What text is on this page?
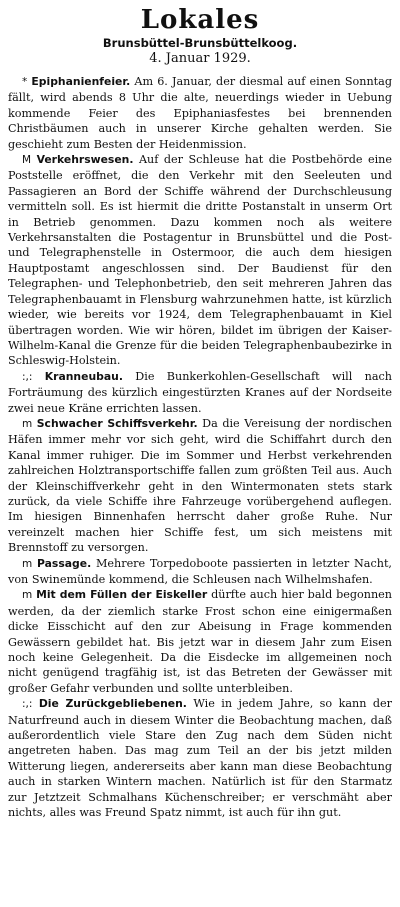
Lokales
Brunsbüttel-Brunsbüttelkoog.
4. Januar 1929.

* Epiphanienfeier. Am 6. Januar, der diesmal auf einen Sonntag fällt, wird abends 8 Uhr die alte, neuerdings wieder in Uebung kommende Feier des Epiphaniasfestes bei brennenden Christbäumen auch in unserer Kirche gehalten werden. Sie geschieht zum Besten der Heidenmission.

M Verkehrswesen. Auf der Schleuse hat die Postbehörde eine Poststelle eröffnet, die den Verkehr mit den Seeleuten und Passagieren an Bord der Schiffe während der Durchschleusung vermitteln soll. Es ist hiermit die dritte Postanstalt in unserm Ort in Betrieb genommen. Dazu kommen noch als weitere Verkehrsanstalten die Postagentur in Brunsbüttel und die Post- und Telegraphenstelle in Ostermoor, die auch dem hiesigen Hauptpostamt angeschlossen sind. Der Baudienst für den Telegraphen- und Telephonbetrieb, den seit mehreren Jahren das Telegraphenbauamt in Flensburg wahrzunehmen hatte, ist kürzlich wieder, wie bereits vor 1924, dem Telegraphenbauamt in Kiel übertragen worden. Wie wir hören, bildet im übrigen der Kaiser-Wilhelm-Kanal die Grenze für die beiden Telegraphenbaubezirke in Schleswig-Holstein.

:,: Kranneubau. Die Bunkerkohlen-Gesellschaft will nach Forträumung des kürzlich eingestürzten Kranes auf der Nordseite zwei neue Kräne errichten lassen.

m Schwacher Schiffsverkehr. Da die Vereisung der nordischen Häfen immer mehr vor sich geht, wird die Schiffahrt durch den Kanal immer ruhiger. Die im Sommer und Herbst verkehrenden zahlreichen Holztransportschiffe fallen zum größten Teil aus. Auch der Kleinschiffverkehr geht in den Wintermonaten stets stark zurück, da viele Schiffe ihre Fahrzeuge vorübergehend auflegen. Im hiesigen Binnenhafen herrscht daher große Ruhe. Nur vereinzelt machen hier Schiffe fest, um sich meistens mit Brennstoff zu versorgen.

m Passage. Mehrere Torpedoboote passierten in letzter Nacht, von Swinemünde kommend, die Schleusen nach Wilhelmshafen.

m Mit dem Füllen der Eiskeller dürfte auch hier bald begonnen werden, da der ziemlich starke Frost schon eine einigermaßen dicke Eisschicht auf den zur Abeisung in Frage kommenden Gewässern gebildet hat. Bis jetzt war in diesem Jahr zum Eisen noch keine Gelegenheit. Da die Eisdecke im allgemeinen noch nicht genügend tragfähig ist, ist das Betreten der Gewässer mit großer Gefahr verbunden und sollte unterbleiben.

:,: Die Zurückgebliebenen. Wie in jedem Jahre, so kann der Naturfreund auch in diesem Winter die Beobachtung machen, daß außerordentlich viele Stare den Zug nach dem Süden nicht angetreten haben. Das mag zum Teil an der bis jetzt milden Witterung liegen, andererseits aber kann man diese Beobachtung auch in starken Wintern machen. Natürlich ist für den Starmatz zur Jetztzeit Schmalhans Küchenschreiber; er verschmäht aber nichts, alles was Freund Spatz nimmt, ist auch für ihn gut.
